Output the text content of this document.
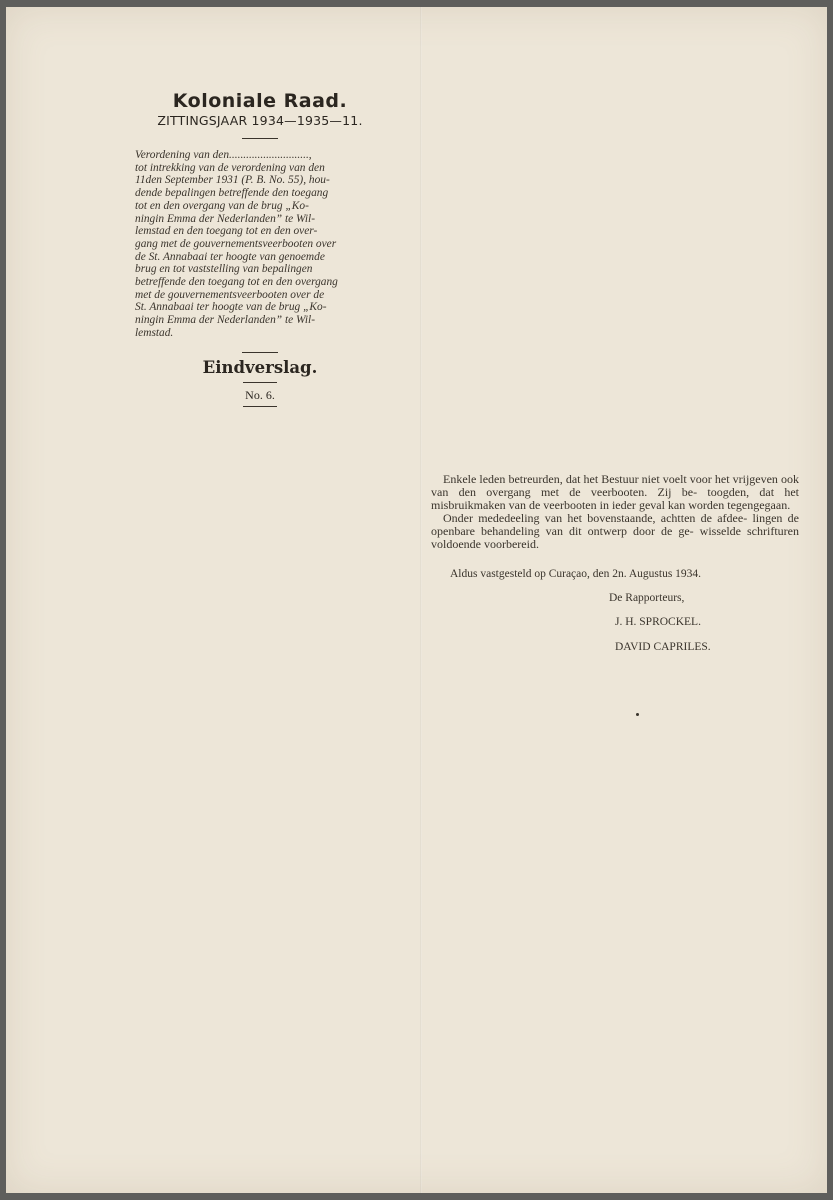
Koloniale Raad.

ZITTINGSJAAR 1934—1935—11.

Verordening van den............................,
tot intrekking van de verordening van den
11den September 1931 (P. B. No. 55), hou-
dende bepalingen betreffende den toegang
tot en den overgang van de brug „Ko-
ningin Emma der Nederlanden” te Wil-
lemstad en den toegang tot en den over-
gang met de gouvernementsveerbooten over
de St. Annabaai ter hoogte van genoemde
brug en tot vaststelling van bepalingen
betreffende den toegang tot en den overgang
met de gouvernementsveerbooten over de
St. Annabaai ter hoogte van de brug „Ko-
ningin Emma der Nederlanden” te Wil-
lemstad.

Eindverslag.

No. 6.

Enkele leden betreurden, dat het Bestuur niet voelt voor het vrijgeven ook van den overgang met de veerbooten. Zij be- toogden, dat het misbruikmaken van de veerbooten in ieder geval kan worden tegengegaan.

Onder mededeeling van het bovenstaande, achtten de afdee- lingen de openbare behandeling van dit ontwerp door de ge- wisselde schrifturen voldoende voorbereid.

Aldus vastgesteld op Curaçao, den 2n. Augustus 1934.

De Rapporteurs,

J. H. SPROCKEL.

DAVID CAPRILES.
